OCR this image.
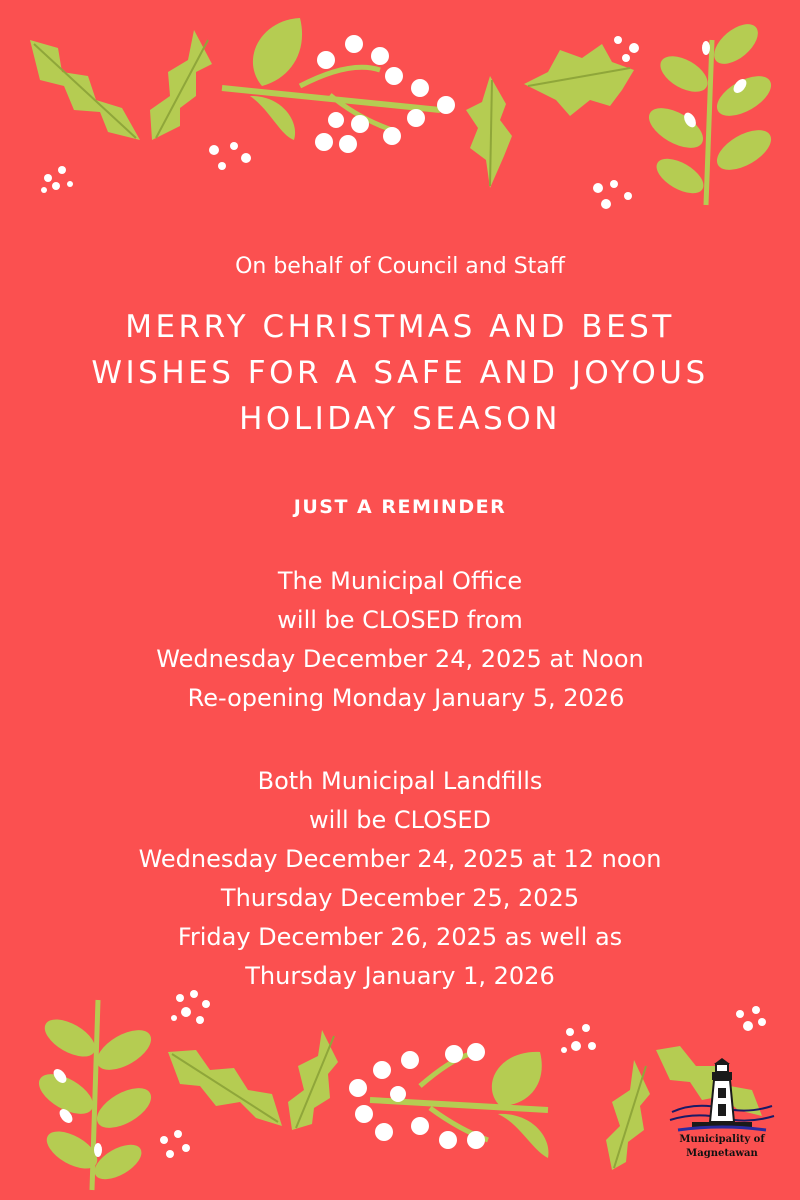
On behalf of Council and Staff
MERRY CHRISTMAS AND BEST
WISHES FOR A SAFE AND JOYOUS
HOLIDAY SEASON
JUST A REMINDER
The Municipal Office
will be CLOSED from
Wednesday December 24, 2025 at Noon
Re-opening Monday January 5, 2026
Both Municipal Landfills
will be CLOSED
Wednesday December 24, 2025 at 12 noon
Thursday December 25, 2025
Friday December 26, 2025 as well as
Thursday January 1, 2026
Municipality of
Magnetawan
